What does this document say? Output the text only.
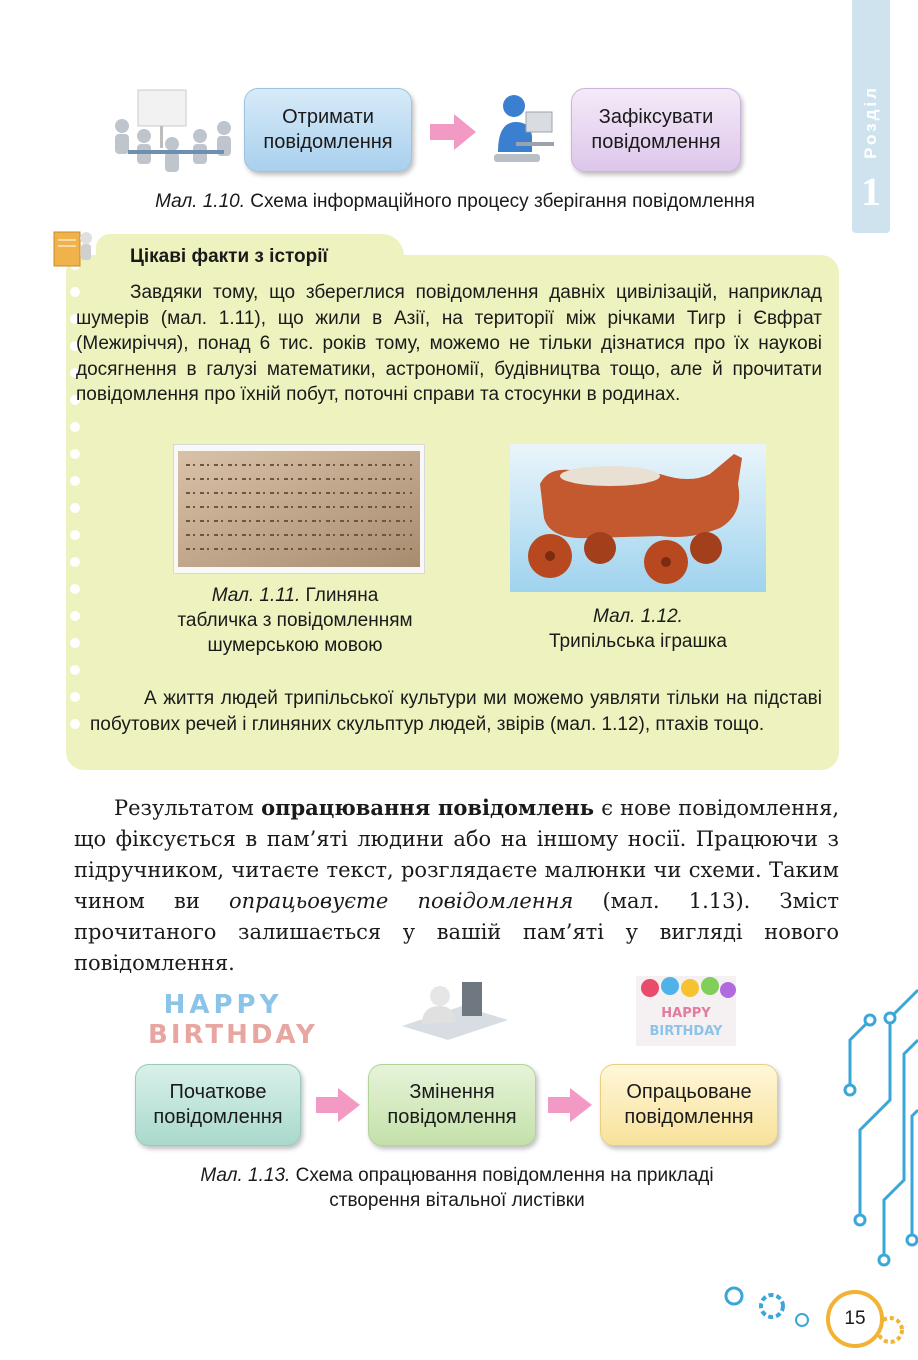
Розділ
1
Отримати
повідомлення
Зафіксувати
повідомлення
Мал. 1.10. Схема інформаційного процесу зберігання повідомлення
Цікаві факти з історії
Завдяки тому, що збереглися повідомлення давніх цивілізацій, наприклад шумерів (мал. 1.11), що жили в Азії, на території між річками Тигр і Євфрат (Межиріччя), понад 6 тис. років тому, можемо не тільки дізнатися про їх наукові досягнення в галузі математики, астрономії, будівництва тощо, але й прочитати повідомлення про їхній побут, поточні справи та стосунки в родинах.
Мал. 1.11. Глиняна
табличка з повідомленням
шумерською мовою
Мал. 1.12.
Трипільська іграшка
А життя людей трипільської культури ми можемо уявляти тільки на підставі побутових речей і глиняних скульптур людей, звірів (мал. 1.12), птахів тощо.
Результатом опрацювання повідомлень є нове повідомлення, що фіксується в пам’яті людини або на іншому носії. Працюючи з підручником, читаєте текст, розглядаєте малюнки чи схеми. Таким чином ви опрацьовуєте повідомлення (мал. 1.13). Зміст прочитаного залишається у вашій пам’яті у вигляді нового повідомлення.
HAPPY
BIRTHDAY
HAPPY
BIRTHDAY
Початкове
повідомлення
Змінення
повідомлення
Опрацьоване
повідомлення
Мал. 1.13. Схема опрацювання повідомлення на прикладі
створення вітальної листівки
15
